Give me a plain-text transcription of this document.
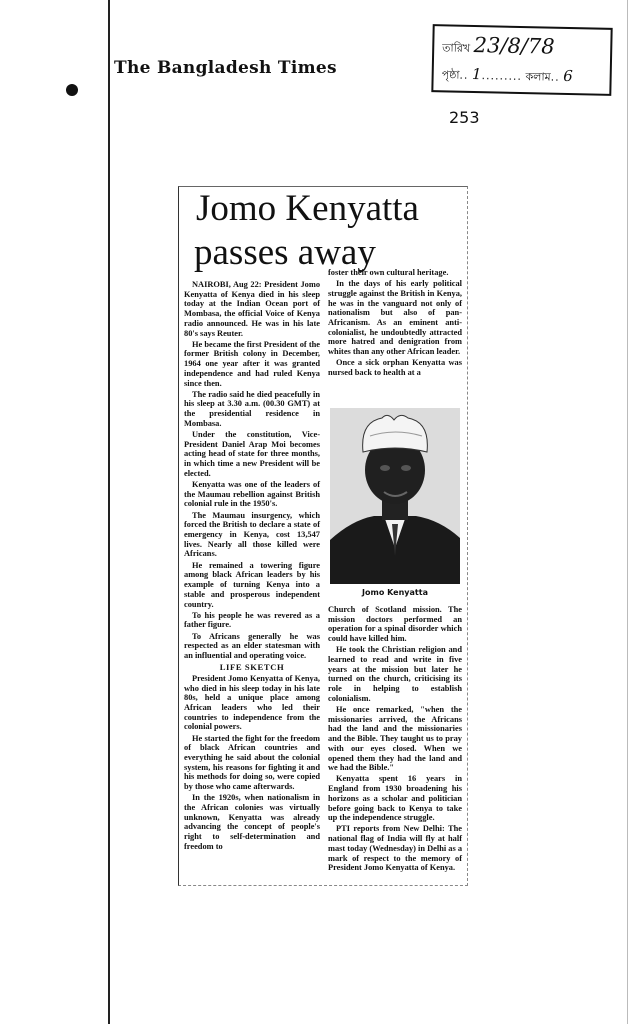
The Bangladesh Times
253
তারিখ 23/8/78
পৃষ্ঠা.. 1......... কলাম.. 6
Jomo Kenyatta
passes away

NAIROBI, Aug 22: President Jomo Kenyatta of Kenya died in his sleep today at the Indian Ocean port of Mombasa, the official Voice of Kenya radio announced. He was in his late 80's says Reuter.

He became the first President of the former British colony in December, 1964 one year after it was granted independence and had ruled Kenya since then.

The radio said he died peacefully in his sleep at 3.30 a.m. (00.30 GMT) at the presidential residence in Mombasa.

Under the constitution, Vice-President Daniel Arap Moi becomes acting head of state for three months, in which time a new President will be elected.

Kenyatta was one of the leaders of the Maumau rebellion against British colonial rule in the 1950's.

The Maumau insurgency, which forced the British to declare a state of emergency in Kenya, cost 13,547 lives. Nearly all those killed were Africans.

He remained a towering figure among black African leaders by his example of turning Kenya into a stable and prosperous independent country.

To his people he was revered as a father figure.

To Africans generally he was respected as an elder statesman with an influential and operating voice.

LIFE SKETCH

President Jomo Kenyatta of Kenya, who died in his sleep today in his late 80s, held a unique place among African leaders who led their countries to independence from the colonial powers.

He started the fight for the freedom of black African countries and everything he said about the colonial system, his reasons for fighting it and his methods for doing so, were copied by those who came afterwards.

In the 1920s, when nationalism in the African colonies was virtually unknown, Kenyatta was already advancing the concept of people's right to self-determination and freedom to

foster their own cultural heritage.

In the days of his early political struggle against the British in Kenya, he was in the vanguard not only of nationalism but also of pan-Africanism. As an eminent anti-colonialist, he undoubtedly attracted more hatred and denigration from whites than any other African leader.

Once a sick orphan Kenyatta was nursed back to health at a

Jomo Kenyatta

Church of Scotland mission. The mission doctors performed an operation for a spinal disorder which could have killed him.

He took the Christian religion and learned to read and write in five years at the mission but later he turned on the church, criticising its role in helping to establish colonialism.

He once remarked, "when the missionaries arrived, the Africans had the land and the missionaries and the Bible. They taught us to pray with our eyes closed. When we opened them they had the land and we had the Bible."

Kenyatta spent 16 years in England from 1930 broadening his horizons as a scholar and politician before going back to Kenya to take up the independence struggle.

PTI reports from New Delhi: The national flag of India will fly at half mast today (Wednesday) in Delhi as a mark of respect to the memory of President Jomo Kenyatta of Kenya.
